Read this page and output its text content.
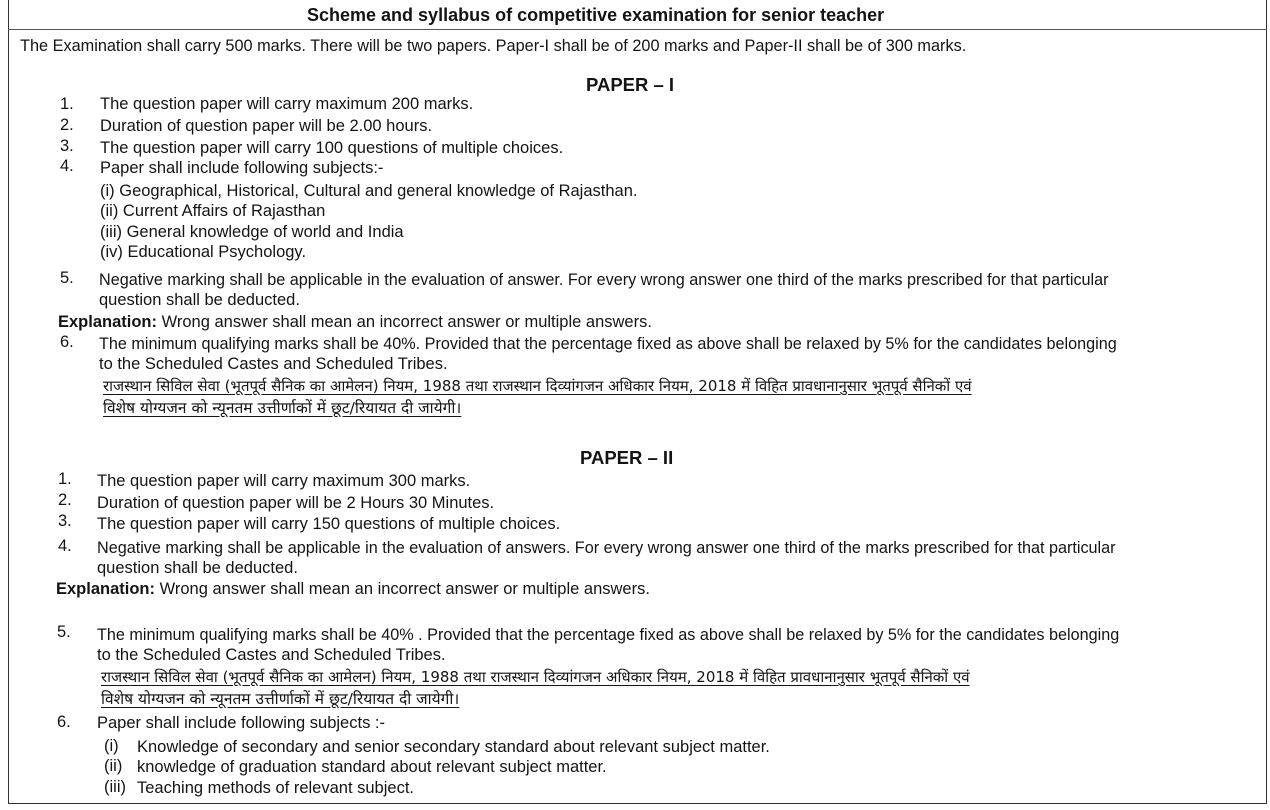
Scheme and syllabus of competitive examination for senior teacher
The Examination shall carry 500 marks. There will be two papers. Paper-I shall be of 200 marks and Paper-II shall be of 300 marks.
PAPER – I
1. The question paper will carry maximum 200 marks.
2. Duration of question paper will be 2.00 hours.
3. The question paper will carry 100 questions of multiple choices.
4. Paper shall include following subjects:-
(i) Geographical, Historical, Cultural and general knowledge of Rajasthan.
(ii) Current Affairs of Rajasthan
(iii) General knowledge of world and India
(iv) Educational Psychology.
5. Negative marking shall be applicable in the evaluation of answer. For every wrong answer one third of the marks prescribed for that particular
question shall be deducted.
Explanation: Wrong answer shall mean an incorrect answer or multiple answers.
6. The minimum qualifying marks shall be 40%. Provided that the percentage fixed as above shall be relaxed by 5% for the candidates belonging
to the Scheduled Castes and Scheduled Tribes.
राजस्थान सिविल सेवा (भूतपूर्व सैनिक का आमेलन) नियम, 1988 तथा राजस्थान दिव्यांगजन अधिकार नियम, 2018 में विहित प्रावधानानुसार भूतपूर्व सैनिकों एवं
विशेष योग्यजन को न्यूनतम उत्तीर्णाकों में छूट/रियायत दी जायेगी।
PAPER – II
1. The question paper will carry maximum 300 marks.
2. Duration of question paper will be 2 Hours 30 Minutes.
3. The question paper will carry 150 questions of multiple choices.
4. Negative marking shall be applicable in the evaluation of answers. For every wrong answer one third of the marks prescribed for that particular
question shall be deducted.
Explanation: Wrong answer shall mean an incorrect answer or multiple answers.
5. The minimum qualifying marks shall be 40% . Provided that the percentage fixed as above shall be relaxed by 5% for the candidates belonging
to the Scheduled Castes and Scheduled Tribes.
राजस्थान सिविल सेवा (भूतपूर्व सैनिक का आमेलन) नियम, 1988 तथा राजस्थान दिव्यांगजन अधिकार नियम, 2018 में विहित प्रावधानानुसार भूतपूर्व सैनिकों एवं
विशेष योग्यजन को न्यूनतम उत्तीर्णाकों में छूट/रियायत दी जायेगी।
6. Paper shall include following subjects :-
(i) Knowledge of secondary and senior secondary standard about relevant subject matter.
(ii) knowledge of graduation standard about relevant subject matter.
(iii) Teaching methods of relevant subject.
